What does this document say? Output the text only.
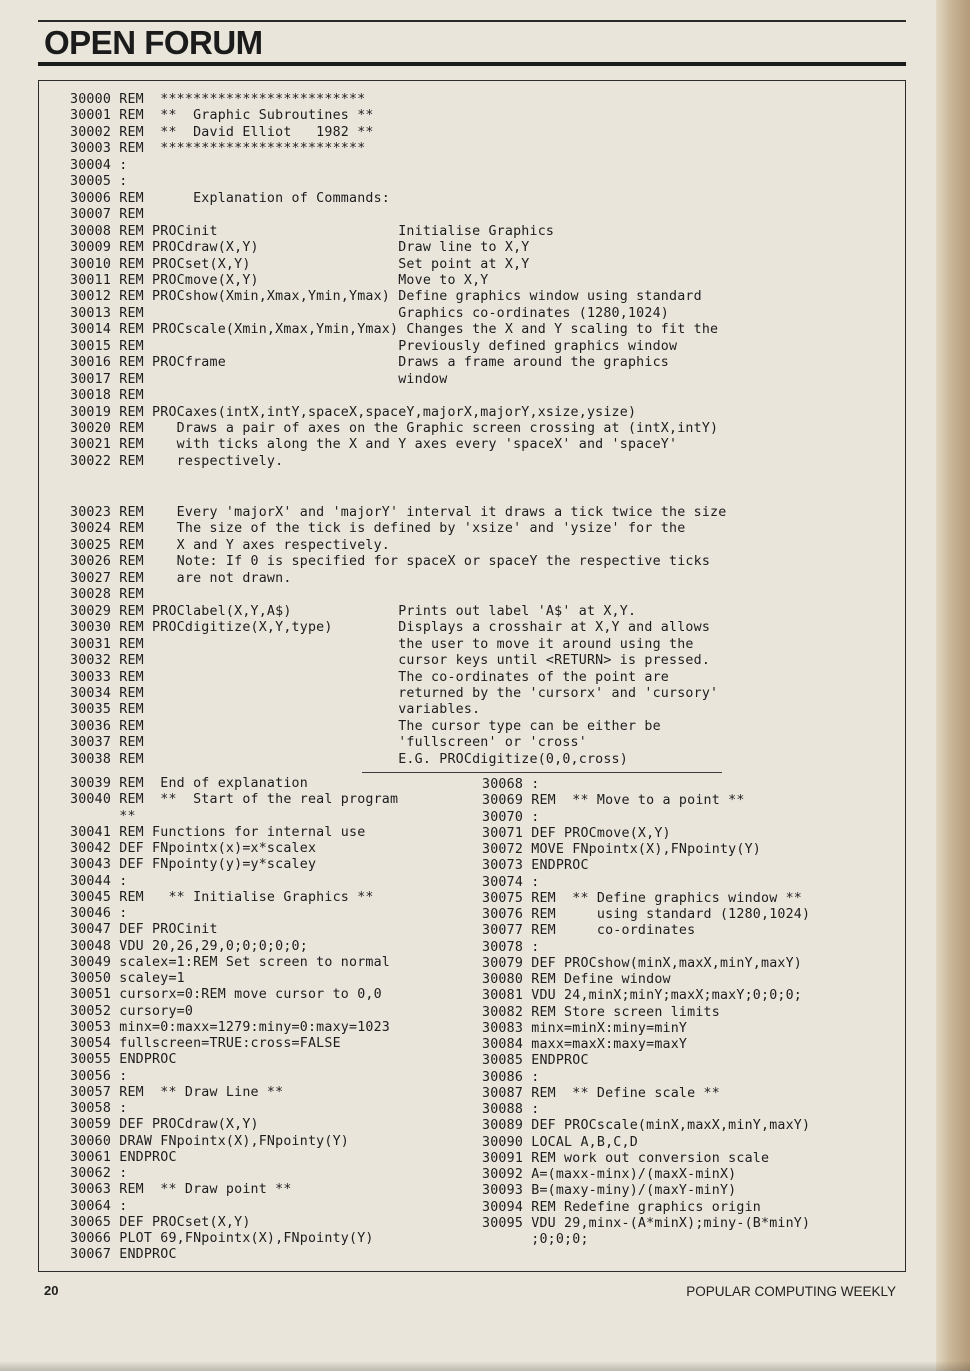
OPEN FORUM
30000 REM  *************************
30001 REM  **  Graphic Subroutines **
30002 REM  **  David Elliot   1982 **
30003 REM  *************************
30004 :
30005 :
30006 REM      Explanation of Commands:
30007 REM
30008 REM PROCinit                      Initialise Graphics
30009 REM PROCdraw(X,Y)                 Draw line to X,Y
30010 REM PROCset(X,Y)                  Set point at X,Y
30011 REM PROCmove(X,Y)                 Move to X,Y
30012 REM PROCshow(Xmin,Xmax,Ymin,Ymax) Define graphics window using standard
30013 REM                               Graphics co-ordinates (1280,1024)
30014 REM PROCscale(Xmin,Xmax,Ymin,Ymax) Changes the X and Y scaling to fit the
30015 REM                               Previously defined graphics window
30016 REM PROCframe                     Draws a frame around the graphics
30017 REM                               window
30018 REM
30019 REM PROCaxes(intX,intY,spaceX,spaceY,majorX,majorY,xsize,ysize)
30020 REM    Draws a pair of axes on the Graphic screen crossing at (intX,intY)
30021 REM    with ticks along the X and Y axes every 'spaceX' and 'spaceY'
30022 REM    respectively.
30023 REM    Every 'majorX' and 'majorY' interval it draws a tick twice the size
30024 REM    The size of the tick is defined by 'xsize' and 'ysize' for the
30025 REM    X and Y axes respectively.
30026 REM    Note: If 0 is specified for spaceX or spaceY the respective ticks
30027 REM    are not drawn.
30028 REM
30029 REM PROClabel(X,Y,A$)             Prints out label 'A$' at X,Y.
30030 REM PROCdigitize(X,Y,type)        Displays a crosshair at X,Y and allows
30031 REM                               the user to move it around using the
30032 REM                               cursor keys until <RETURN> is pressed.
30033 REM                               The co-ordinates of the point are
30034 REM                               returned by the 'cursorx' and 'cursory'
30035 REM                               variables.
30036 REM                               The cursor type can be either be
30037 REM                               'fullscreen' or 'cross'
30038 REM                               E.G. PROCdigitize(0,0,cross)
30039 REM  End of explanation
30040 REM  **  Start of the real program
**
30041 REM Functions for internal use
30042 DEF FNpointx(x)=x*scalex
30043 DEF FNpointy(y)=y*scaley
30044 :
30045 REM   ** Initialise Graphics **
30046 :
30047 DEF PROCinit
30048 VDU 20,26,29,0;0;0;0;0;
30049 scalex=1:REM Set screen to normal
30050 scaley=1
30051 cursorx=0:REM move cursor to 0,0
30052 cursory=0
30053 minx=0:maxx=1279:miny=0:maxy=1023
30054 fullscreen=TRUE:cross=FALSE
30055 ENDPROC
30056 :
30057 REM  ** Draw Line **
30058 :
30059 DEF PROCdraw(X,Y)
30060 DRAW FNpointx(X),FNpointy(Y)
30061 ENDPROC
30062 :
30063 REM  ** Draw point **
30064 :
30065 DEF PROCset(X,Y)
30066 PLOT 69,FNpointx(X),FNpointy(Y)
30067 ENDPROC
30068 :
30069 REM  ** Move to a point **
30070 :
30071 DEF PROCmove(X,Y)
30072 MOVE FNpointx(X),FNpointy(Y)
30073 ENDPROC
30074 :
30075 REM  ** Define graphics window **
30076 REM     using standard (1280,1024)
30077 REM     co-ordinates
30078 :
30079 DEF PROCshow(minX,maxX,minY,maxY)
30080 REM Define window
30081 VDU 24,minX;minY;maxX;maxY;0;0;0;
30082 REM Store screen limits
30083 minx=minX:miny=minY
30084 maxx=maxX:maxy=maxY
30085 ENDPROC
30086 :
30087 REM  ** Define scale **
30088 :
30089 DEF PROCscale(minX,maxX,minY,maxY)
30090 LOCAL A,B,C,D
30091 REM work out conversion scale
30092 A=(maxx-minx)/(maxX-minX)
30093 B=(maxy-miny)/(maxY-minY)
30094 REM Redefine graphics origin
30095 VDU 29,minx-(A*minX);miny-(B*minY)
;0;0;0;
20	POPULAR COMPUTING WEEKLY
